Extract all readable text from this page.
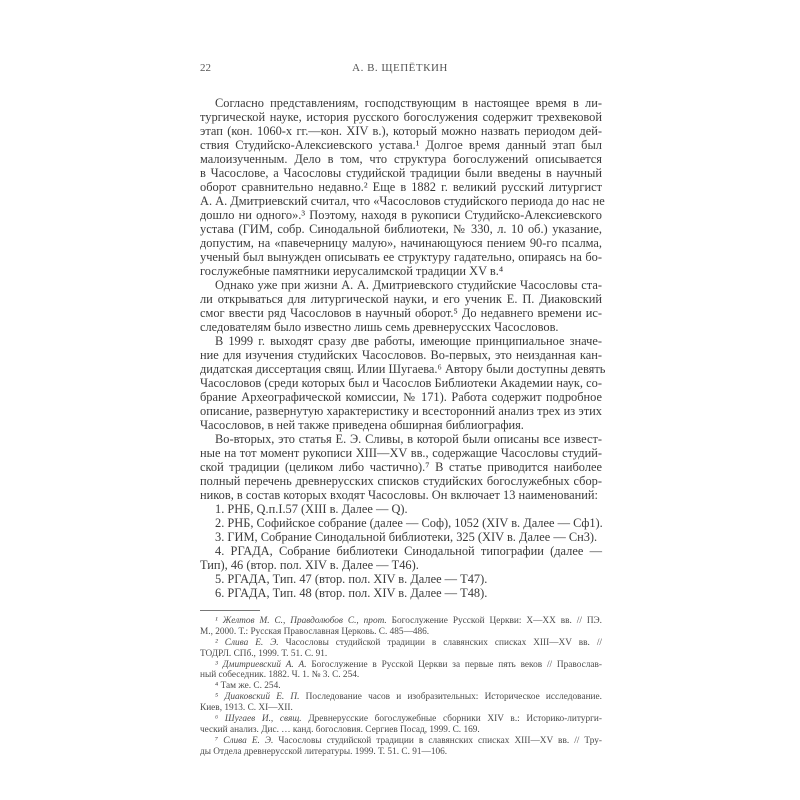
22	А. В. ЩЕПЁТКИН
Согласно представлениям, господствующим в настоящее время в ли-
тургической науке, история русского богослужения содержит трехвековой
этап (кон. 1060-х гг.—кон. XIV в.), который можно назвать периодом дей-
ствия Студийско-Алексиевского устава.¹ Долгое время данный этап был
малоизученным. Дело в том, что структура богослужений описывается
в Часослове, а Часословы студийской традиции были введены в научный
оборот сравнительно недавно.² Еще в 1882 г. великий русский литургист
А. А. Дмитриевский считал, что «Часословов студийского периода до нас не
дошло ни одного».³ Поэтому, находя в рукописи Студийско-Алексиевского
устава (ГИМ, собр. Синодальной библиотеки, № 330, л. 10 об.) указание,
допустим, на «павечерницу малую», начинающуюся пением 90-го псалма,
ученый был вынужден описывать ее структуру гадательно, опираясь на бо-
гослужебные памятники иерусалимской традиции XV в.⁴
Однако уже при жизни А. А. Дмитриевского студийские Часословы ста-
ли открываться для литургической науки, и его ученик Е. П. Диаковский
смог ввести ряд Часословов в научный оборот.⁵ До недавнего времени ис-
следователям было известно лишь семь древнерусских Часословов.
В 1999 г. выходят сразу две работы, имеющие принципиальное значе-
ние для изучения студийских Часословов. Во-первых, это неизданная кан-
дидатская диссертация свящ. Илии Шугаева.⁶ Автору были доступны девять
Часословов (среди которых был и Часослов Библиотеки Академии наук, со-
брание Археографической комиссии, № 171). Работа содержит подробное
описание, развернутую характеристику и всесторонний анализ трех из этих
Часословов, в ней также приведена обширная библиография.
Во-вторых, это статья Е. Э. Сливы, в которой были описаны все извест-
ные на тот момент рукописи XIII—XV вв., содержащие Часословы студий-
ской традиции (целиком либо частично).⁷ В статье приводится наиболее
полный перечень древнерусских списков студийских богослужебных сбор-
ников, в состав которых входят Часословы. Он включает 13 наименований:
1. РНБ, Q.п.I.57 (XIII в. Далее — Q).
2. РНБ, Софийское собрание (далее — Соф), 1052 (XIV в. Далее — Сф1).
3. ГИМ, Собрание Синодальной библиотеки, 325 (XIV в. Далее — Сн3).
4. РГАДА, Собрание библиотеки Синодальной типографии (далее —
Тип), 46 (втор. пол. XIV в. Далее — Т46).
5. РГАДА, Тип. 47 (втор. пол. XIV в. Далее — Т47).
6. РГАДА, Тип. 48 (втор. пол. XIV в. Далее — Т48).
¹ Желтов М. С., Правдолюбов С., прот. Богослужение Русской Церкви: X—XX вв. // ПЭ.
М., 2000. Т.: Русская Православная Церковь. С. 485—486.
² Слива Е. Э. Часословы студийской традиции в славянских списках XIII—XV вв. //
ТОДРЛ. СПб., 1999. Т. 51. С. 91.
³ Дмитриевский А. А. Богослужение в Русской Церкви за первые пять веков // Православ-
ный собеседник. 1882. Ч. 1. № 3. С. 254.
⁴ Там же. С. 254.
⁵ Диаковский Е. П. Последование часов и изобразительных: Историческое исследование.
Киев, 1913. С. XI—XII.
⁶ Шугаев И., свящ. Древнерусские богослужебные сборники XIV в.: Историко-литурги-
ческий анализ. Дис. … канд. богословия. Сергиев Посад, 1999. С. 169.
⁷ Слива Е. Э. Часословы студийской традиции в славянских списках XIII—XV вв. // Тру-
ды Отдела древнерусской литературы. 1999. Т. 51. С. 91—106.
